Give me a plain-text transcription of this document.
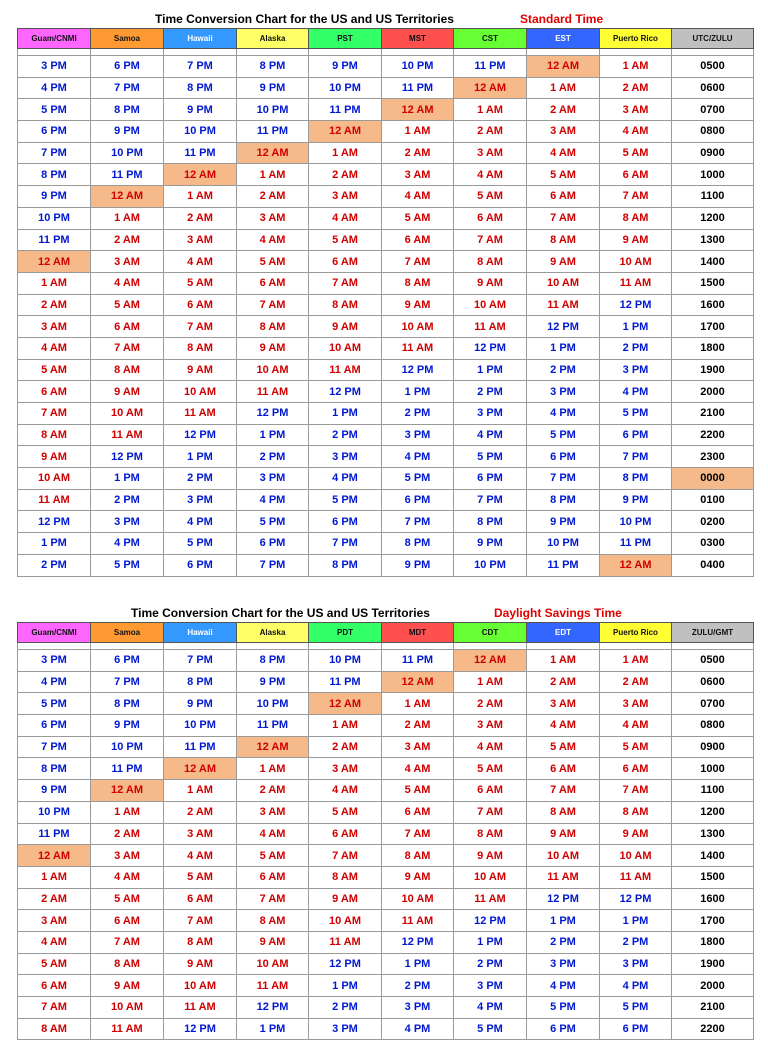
Time Conversion Chart for the US and US Territories	Standard Time
Guam/CNMI	Samoa	Hawaii	Alaska	PST	MST	CST	EST	Puerto Rico	UTC/ZULU

3 PM	6 PM	7 PM	8 PM	9 PM	10 PM	11 PM	12 AM	1 AM	0500
4 PM	7 PM	8 PM	9 PM	10 PM	11 PM	12 AM	1 AM	2 AM	0600
5 PM	8 PM	9 PM	10 PM	11 PM	12 AM	1 AM	2 AM	3 AM	0700
6 PM	9 PM	10 PM	11 PM	12 AM	1 AM	2 AM	3 AM	4 AM	0800
7 PM	10 PM	11 PM	12 AM	1 AM	2 AM	3 AM	4 AM	5 AM	0900
8 PM	11 PM	12 AM	1 AM	2 AM	3 AM	4 AM	5 AM	6 AM	1000
9 PM	12 AM	1 AM	2 AM	3 AM	4 AM	5 AM	6 AM	7 AM	1100
10 PM	1 AM	2 AM	3 AM	4 AM	5 AM	6 AM	7 AM	8 AM	1200
11 PM	2 AM	3 AM	4 AM	5 AM	6 AM	7 AM	8 AM	9 AM	1300
12 AM	3 AM	4 AM	5 AM	6 AM	7 AM	8 AM	9 AM	10 AM	1400
1 AM	4 AM	5 AM	6 AM	7 AM	8 AM	9 AM	10 AM	11 AM	1500
2 AM	5 AM	6 AM	7 AM	8 AM	9 AM	10 AM	11 AM	12 PM	1600
3 AM	6 AM	7 AM	8 AM	9 AM	10 AM	11 AM	12 PM	1 PM	1700
4 AM	7 AM	8 AM	9 AM	10 AM	11 AM	12 PM	1 PM	2 PM	1800
5 AM	8 AM	9 AM	10 AM	11 AM	12 PM	1 PM	2 PM	3 PM	1900
6 AM	9 AM	10 AM	11 AM	12 PM	1 PM	2 PM	3 PM	4 PM	2000
7 AM	10 AM	11 AM	12 PM	1 PM	2 PM	3 PM	4 PM	5 PM	2100
8 AM	11 AM	12 PM	1 PM	2 PM	3 PM	4 PM	5 PM	6 PM	2200
9 AM	12 PM	1 PM	2 PM	3 PM	4 PM	5 PM	6 PM	7 PM	2300
10 AM	1 PM	2 PM	3 PM	4 PM	5 PM	6 PM	7 PM	8 PM	0000
11 AM	2 PM	3 PM	4 PM	5 PM	6 PM	7 PM	8 PM	9 PM	0100
12 PM	3 PM	4 PM	5 PM	6 PM	7 PM	8 PM	9 PM	10 PM	0200
1 PM	4 PM	5 PM	6 PM	7 PM	8 PM	9 PM	10 PM	11 PM	0300
2 PM	5 PM	6 PM	7 PM	8 PM	9 PM	10 PM	11 PM	12 AM	0400
Time Conversion Chart for the US and US Territories	Daylight Savings Time
Guam/CNMI	Samoa	Hawaii	Alaska	PDT	MDT	CDT	EDT	Puerto Rico	ZULU/GMT

3 PM	6 PM	7 PM	8 PM	10 PM	11 PM	12 AM	1 AM	1 AM	0500
4 PM	7 PM	8 PM	9 PM	11 PM	12 AM	1 AM	2 AM	2 AM	0600
5 PM	8 PM	9 PM	10 PM	12 AM	1 AM	2 AM	3 AM	3 AM	0700
6 PM	9 PM	10 PM	11 PM	1 AM	2 AM	3 AM	4 AM	4 AM	0800
7 PM	10 PM	11 PM	12 AM	2 AM	3 AM	4 AM	5 AM	5 AM	0900
8 PM	11 PM	12 AM	1 AM	3 AM	4 AM	5 AM	6 AM	6 AM	1000
9 PM	12 AM	1 AM	2 AM	4 AM	5 AM	6 AM	7 AM	7 AM	1100
10 PM	1 AM	2 AM	3 AM	5 AM	6 AM	7 AM	8 AM	8 AM	1200
11 PM	2 AM	3 AM	4 AM	6 AM	7 AM	8 AM	9 AM	9 AM	1300
12 AM	3 AM	4 AM	5 AM	7 AM	8 AM	9 AM	10 AM	10 AM	1400
1 AM	4 AM	5 AM	6 AM	8 AM	9 AM	10 AM	11 AM	11 AM	1500
2 AM	5 AM	6 AM	7 AM	9 AM	10 AM	11 AM	12 PM	12 PM	1600
3 AM	6 AM	7 AM	8 AM	10 AM	11 AM	12 PM	1 PM	1 PM	1700
4 AM	7 AM	8 AM	9 AM	11 AM	12 PM	1 PM	2 PM	2 PM	1800
5 AM	8 AM	9 AM	10 AM	12 PM	1 PM	2 PM	3 PM	3 PM	1900
6 AM	9 AM	10 AM	11 AM	1 PM	2 PM	3 PM	4 PM	4 PM	2000
7 AM	10 AM	11 AM	12 PM	2 PM	3 PM	4 PM	5 PM	5 PM	2100
8 AM	11 AM	12 PM	1 PM	3 PM	4 PM	5 PM	6 PM	6 PM	2200
